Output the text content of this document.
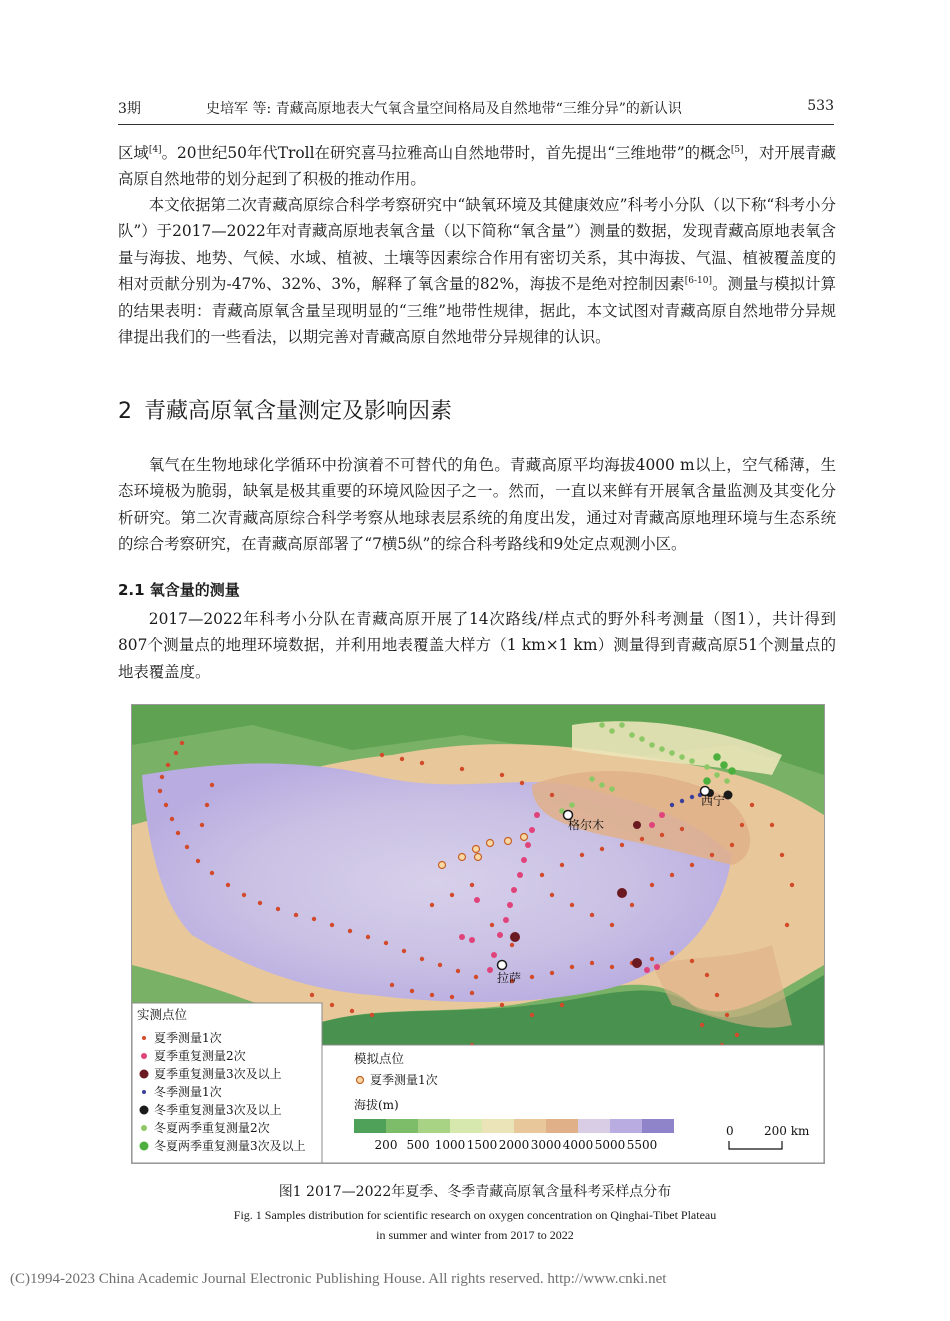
3期	史培军 等: 青藏高原地表大气氧含量空间格局及自然地带“三维分异”的新认识	533

区域[4]。20世纪50年代Troll在研究喜马拉雅高山自然地带时，首先提出“三维地带”的概念[5]，对开展青藏高原自然地带的划分起到了积极的推动作用。

本文依据第二次青藏高原综合科学考察研究中“缺氧环境及其健康效应”科考小分队（以下称“科考小分队”）于2017—2022年对青藏高原地表氧含量（以下简称“氧含量”）测量的数据，发现青藏高原地表氧含量与海拔、地势、气候、水域、植被、土壤等因素综合作用有密切关系，其中海拔、气温、植被覆盖度的相对贡献分别为-47%、32%、3%，解释了氧含量的82%，海拔不是绝对控制因素[6-10]。测量与模拟计算的结果表明：青藏高原氧含量呈现明显的“三维”地带性规律，据此，本文试图对青藏高原自然地带分异规律提出我们的一些看法，以期完善对青藏高原自然地带分异规律的认识。

2 青藏高原氧含量测定及影响因素

氧气在生物地球化学循环中扮演着不可替代的角色。青藏高原平均海拔4000 m以上，空气稀薄，生态环境极为脆弱，缺氧是极其重要的环境风险因子之一。然而，一直以来鲜有开展氧含量监测及其变化分析研究。第二次青藏高原综合科学考察从地球表层系统的角度出发，通过对青藏高原地理环境与生态系统的综合考察研究，在青藏高原部署了“7横5纵”的综合科考路线和9处定点观测小区。

2.1 氧含量的测量

2017—2022年科考小分队在青藏高原开展了14次路线/样点式的野外科考测量（图1），共计得到807个测量点的地理环境数据，并利用地表覆盖大样方（1 km×1 km）测量得到青藏高原51个测量点的地表覆盖度。

格尔木
西宁
拉萨
实测点位
夏季测量1次
夏季重复测量2次
夏季重复测量3次及以上
冬季测量1次
冬季重复测量3次及以上
冬夏两季重复测量2次
冬夏两季重复测量3次及以上
模拟点位
夏季测量1次
海拔(m)
200 500 1000 1500 2000 3000 4000 5000 5500
0	200 km
图1 2017—2022年夏季、冬季青藏高原氧含量科考采样点分布
Fig. 1 Samples distribution for scientific research on oxygen concentration on Qinghai-Tibet Plateau
in summer and winter from 2017 to 2022
(C)1994-2023 China Academic Journal Electronic Publishing House. All rights reserved. http://www.cnki.net
